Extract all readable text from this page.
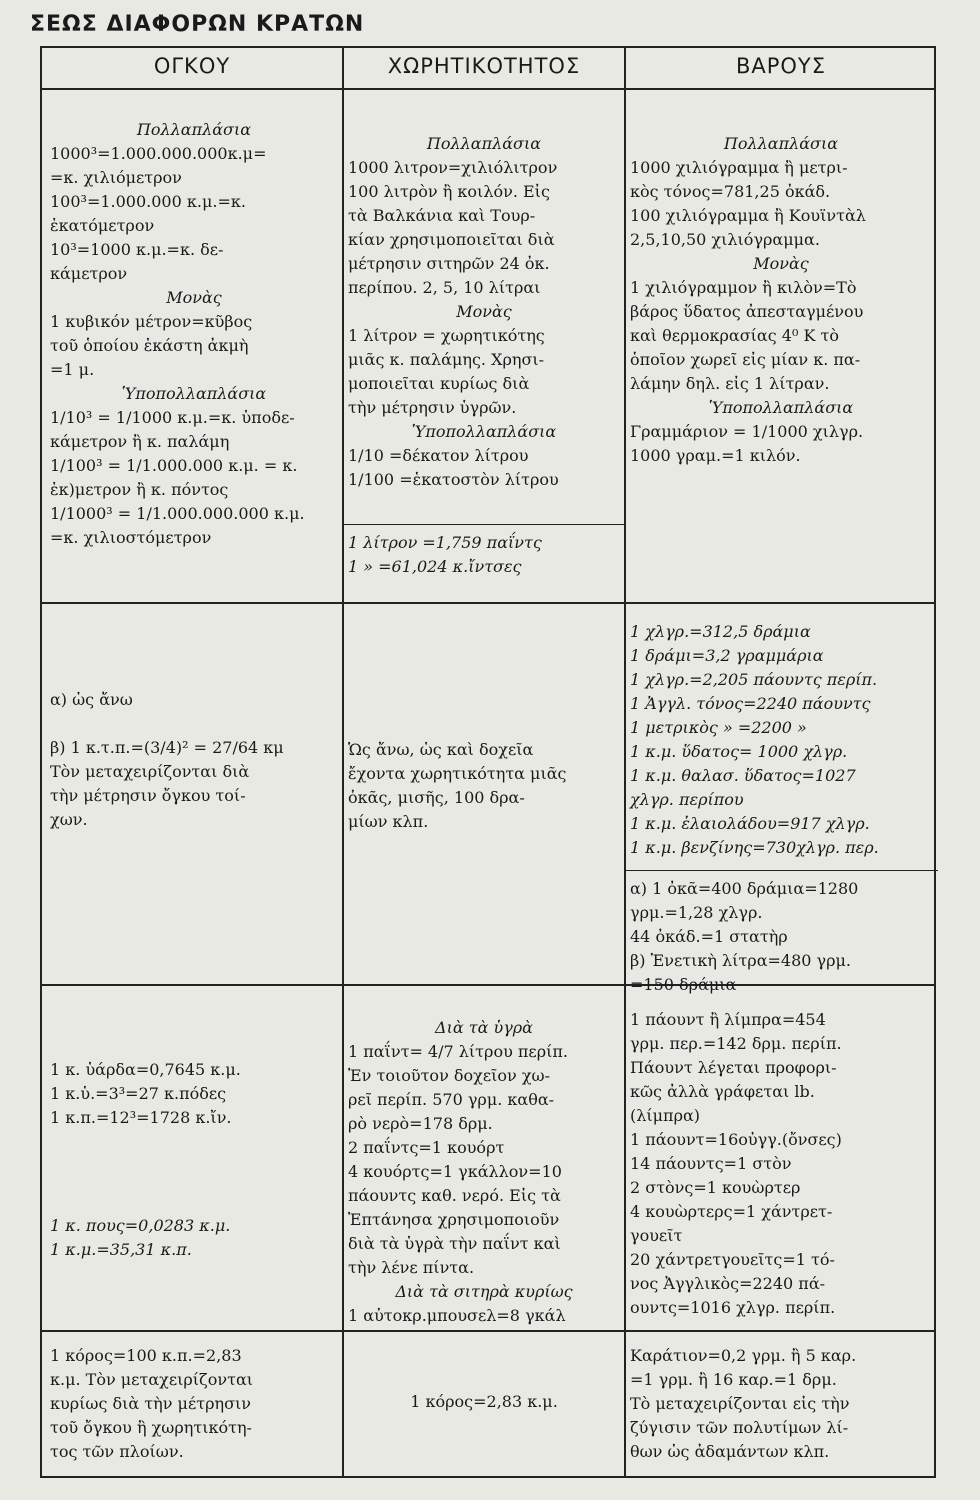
ΣΕΩΣ ΔΙΑΦΟΡΩΝ ΚΡΑΤΩΝ
ΟΓΚΟΥ	ΧΩΡΗΤΙΚΟΤΗΤΟΣ	ΒΑΡΟΥΣ

Πολλαπλάσια
1000³=1.000.000.000κ.μ=
=κ. χιλιόμετρον
100³=1.000.000 κ.μ.=κ.
ἑκατόμετρον
10³=1000 κ.μ.=κ. δε-
κάμετρον

Μονὰς
1 κυβικόν μέτρον=κῦβος
τοῦ ὁποίου ἑκάστη ἀκμὴ
=1 μ.

Ὑποπολλαπλάσια
1/10³ = 1/1000 κ.μ.=κ. ὑποδε-
κάμετρον ἢ κ. παλάμη
1/100³ = 1/1.000.000 κ.μ. = κ.
ἑκ)μετρον ἢ κ. πόντος
1/1000³ = 1/1.000.000.000 κ.μ.
=κ. χιλιοστόμετρον

Πολλαπλάσια
1000 λιτρον=χιλιόλιτρον
100 λιτρὸν ἢ κοιλόν. Εἰς
τὰ Βαλκάνια καὶ Τουρ-
κίαν χρησιμοποιεῖται διὰ
μέτρησιν σιτηρῶν 24 ὀκ.
περίπου. 2, 5, 10 λίτραι

Μονὰς
1 λίτρον = χωρητικότης
μιᾶς κ. παλάμης. Χρησι-
μοποιεῖται κυρίως διὰ
τὴν μέτρησιν ὑγρῶν.

Ὑποπολλαπλάσια
1/10 =δέκατον λίτρου
1/100 =ἑκατοστὸν λίτρου

1 λίτρον =1,759 παΐντς
1 » =61,024 κ.ἴντσες

Πολλαπλάσια
1000 χιλιόγραμμα ἢ μετρι-
κὸς τόνος=781,25 ὀκάδ.
100 χιλιόγραμμα ἢ Κουϊντὰλ
2,5,10,50 χιλιόγραμμα.

Μονὰς
1 χιλιόγραμμον ἢ κιλὸν=Τὸ
βάρος ὕδατος ἀπεσταγμένου
καὶ θερμοκρασίας 4⁰ Κ τὸ
ὁποῖον χωρεῖ εἰς μίαν κ. πα-
λάμην δηλ. εἰς 1 λίτραν.

Ὑποπολλαπλάσια
Γραμμάριον = 1/1000 χιλγρ.
1000 γραμ.=1 κιλόν.

α) ὡς ἄνω

β) 1 κ.τ.π.=(3/4)² = 27/64 κμ
Τὸν μεταχειρίζονται διὰ
τὴν μέτρησιν ὄγκου τοί-
χων.
Ὡς ἄνω, ὡς καὶ δοχεῖα
ἔχοντα χωρητικότητα μιᾶς
ὀκᾶς, μισῆς, 100 δρα-
μίων κλπ.
1 χλγρ.=312,5 δράμια
1 δράμι=3,2 γραμμάρια
1 χλγρ.=2,205 πάουντς περίπ.
1 Ἀγγλ. τόνος=2240 πάουντς
1 μετρικὸς » =2200 »
1 κ.μ. ὕδατος= 1000 χλγρ.
1 κ.μ. θαλασ. ὕδατος=1027
χλγρ. περίπου
1 κ.μ. ἐλαιολάδου=917 χλγρ.
1 κ.μ. βενζίνης=730χλγρ. περ.
α) 1 ὀκᾶ=400 δράμια=1280
γρμ.=1,28 χλγρ.
44 ὀκάδ.=1 στατὴρ
β) Ἐνετικὴ λίτρα=480 γρμ.
=150 δράμια
1 κ. ὑάρδα=0,7645 κ.μ.
1 κ.ὑ.=3³=27 κ.πόδες
1 κ.π.=12³=1728 κ.ἴν.
1 κ. πους=0,0283 κ.μ.
1 κ.μ.=35,31 κ.π.

Διὰ τὰ ὑγρὰ
1 παΐντ= 4/7 λίτρου περίπ.
Ἐν τοιοῦτον δοχεῖον χω-
ρεῖ περίπ. 570 γρμ. καθα-
ρὸ νερὸ=178 δρμ.
2 παΐντς=1 κουόρτ
4 κουόρτς=1 γκάλλον=10
πάουντς καθ. νερό. Εἰς τὰ
Ἑπτάνησα χρησιμοποιοῦν
διὰ τὰ ὑγρὰ τὴν παΐντ καὶ
τὴν λένε πίντα.

Διὰ τὰ σιτηρὰ κυρίως
1 αὐτοκρ.μπουσελ=8 γκάλ

1 πάουντ ἢ λίμπρα=454
γρμ. περ.=142 δρμ. περίπ.
Πάουντ λέγεται προφορι-
κῶς ἀλλὰ γράφεται lb.
(λίμπρα)
1 πάουντ=16οὐγγ.(ὄνσες)
14 πάουντς=1 στὸν
2 στὸνς=1 κουὼρτερ
4 κουὼρτερς=1 χάντρετ-
γουεῖτ
20 χάντρετγουεῖτς=1 τό-
νος Ἀγγλικὸς=2240 πά-
ουντς=1016 χλγρ. περίπ.
1 κόρος=100 κ.π.=2,83
κ.μ. Τὸν μεταχειρίζονται
κυρίως διὰ τὴν μέτρησιν
τοῦ ὄγκου ἢ χωρητικότη-
τος τῶν πλοίων.
1 κόρος=2,83 κ.μ.
Καράτιον=0,2 γρμ. ἢ 5 καρ.
=1 γρμ. ἢ 16 καρ.=1 δρμ.
Τὸ μεταχειρίζονται εἰς τὴν
ζύγισιν τῶν πολυτίμων λί-
θων ὡς ἀδαμάντων κλπ.
